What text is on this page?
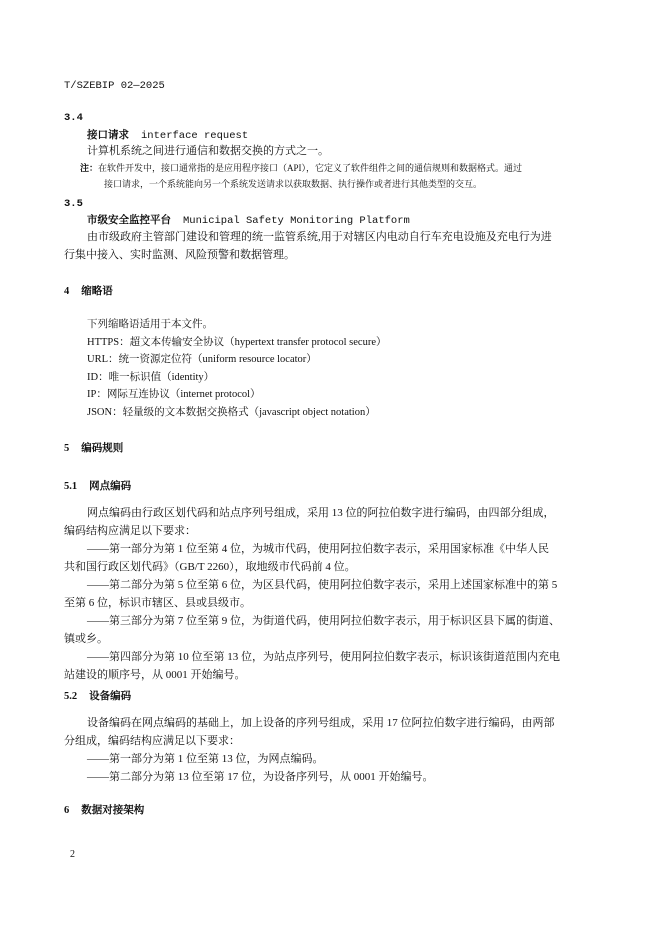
T/SZEBIP 02—2025
3.4
接口请求 interface request
计算机系统之间进行通信和数据交换的方式之一。
注：在软件开发中，接口通常指的是应用程序接口（API），它定义了软件组件之间的通信规则和数据格式。通过
接口请求，一个系统能向另一个系统发送请求以获取数据、执行操作或者进行其他类型的交互。
3.5
市级安全监控平台 Municipal Safety Monitoring Platform
由市级政府主管部门建设和管理的统一监管系统,用于对辖区内电动自行车充电设施及充电行为进
行集中接入、实时监测、风险预警和数据管理。
4 缩略语
下列缩略语适用于本文件。
HTTPS：超文本传输安全协议（hypertext transfer protocol secure）
URL：统一资源定位符（uniform resource locator）
ID：唯一标识值（identity）
IP：网际互连协议（internet protocol）
JSON：轻量级的文本数据交换格式（javascript object notation）
5 编码规则
5.1 网点编码
网点编码由行政区划代码和站点序列号组成，采用 13 位的阿拉伯数字进行编码，由四部分组成，
编码结构应满足以下要求：
——第一部分为第 1 位至第 4 位，为城市代码，使用阿拉伯数字表示，采用国家标准《中华人民
共和国行政区划代码》（GB/T 2260），取地级市代码前 4 位。
——第二部分为第 5 位至第 6 位，为区县代码，使用阿拉伯数字表示，采用上述国家标准中的第 5
至第 6 位，标识市辖区、县或县级市。
——第三部分为第 7 位至第 9 位，为街道代码，使用阿拉伯数字表示，用于标识区县下属的街道、
镇或乡。
——第四部分为第 10 位至第 13 位，为站点序列号，使用阿拉伯数字表示，标识该街道范围内充电
站建设的顺序号，从 0001 开始编号。
5.2 设备编码
设备编码在网点编码的基础上，加上设备的序列号组成，采用 17 位阿拉伯数字进行编码，由两部
分组成，编码结构应满足以下要求：
——第一部分为第 1 位至第 13 位，为网点编码。
——第二部分为第 13 位至第 17 位，为设备序列号，从 0001 开始编号。
6 数据对接架构
2
